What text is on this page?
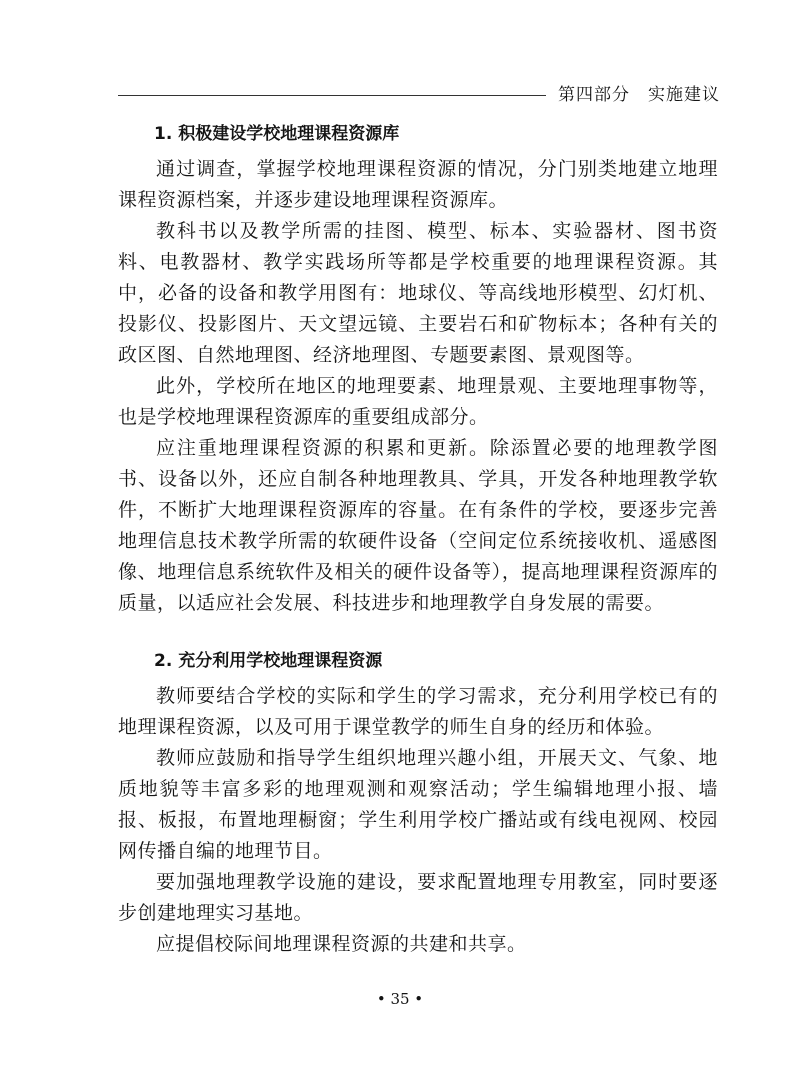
第四部分　实施建议
1. 积极建设学校地理课程资源库

通过调查，掌握学校地理课程资源的情况，分门别类地建立地理课程资源档案，并逐步建设地理课程资源库。

教科书以及教学所需的挂图、模型、标本、实验器材、图书资料、电教器材、教学实践场所等都是学校重要的地理课程资源。其中，必备的设备和教学用图有：地球仪、等高线地形模型、幻灯机、投影仪、投影图片、天文望远镜、主要岩石和矿物标本；各种有关的政区图、自然地理图、经济地理图、专题要素图、景观图等。

此外，学校所在地区的地理要素、地理景观、主要地理事物等，也是学校地理课程资源库的重要组成部分。

应注重地理课程资源的积累和更新。除添置必要的地理教学图书、设备以外，还应自制各种地理教具、学具，开发各种地理教学软件，不断扩大地理课程资源库的容量。在有条件的学校，要逐步完善地理信息技术教学所需的软硬件设备（空间定位系统接收机、遥感图像、地理信息系统软件及相关的硬件设备等），提高地理课程资源库的质量，以适应社会发展、科技进步和地理教学自身发展的需要。

2. 充分利用学校地理课程资源

教师要结合学校的实际和学生的学习需求，充分利用学校已有的地理课程资源，以及可用于课堂教学的师生自身的经历和体验。

教师应鼓励和指导学生组织地理兴趣小组，开展天文、气象、地质地貌等丰富多彩的地理观测和观察活动；学生编辑地理小报、墙报、板报，布置地理橱窗；学生利用学校广播站或有线电视网、校园网传播自编的地理节目。

要加强地理教学设施的建设，要求配置地理专用教室，同时要逐步创建地理实习基地。

应提倡校际间地理课程资源的共建和共享。

• 35 •
